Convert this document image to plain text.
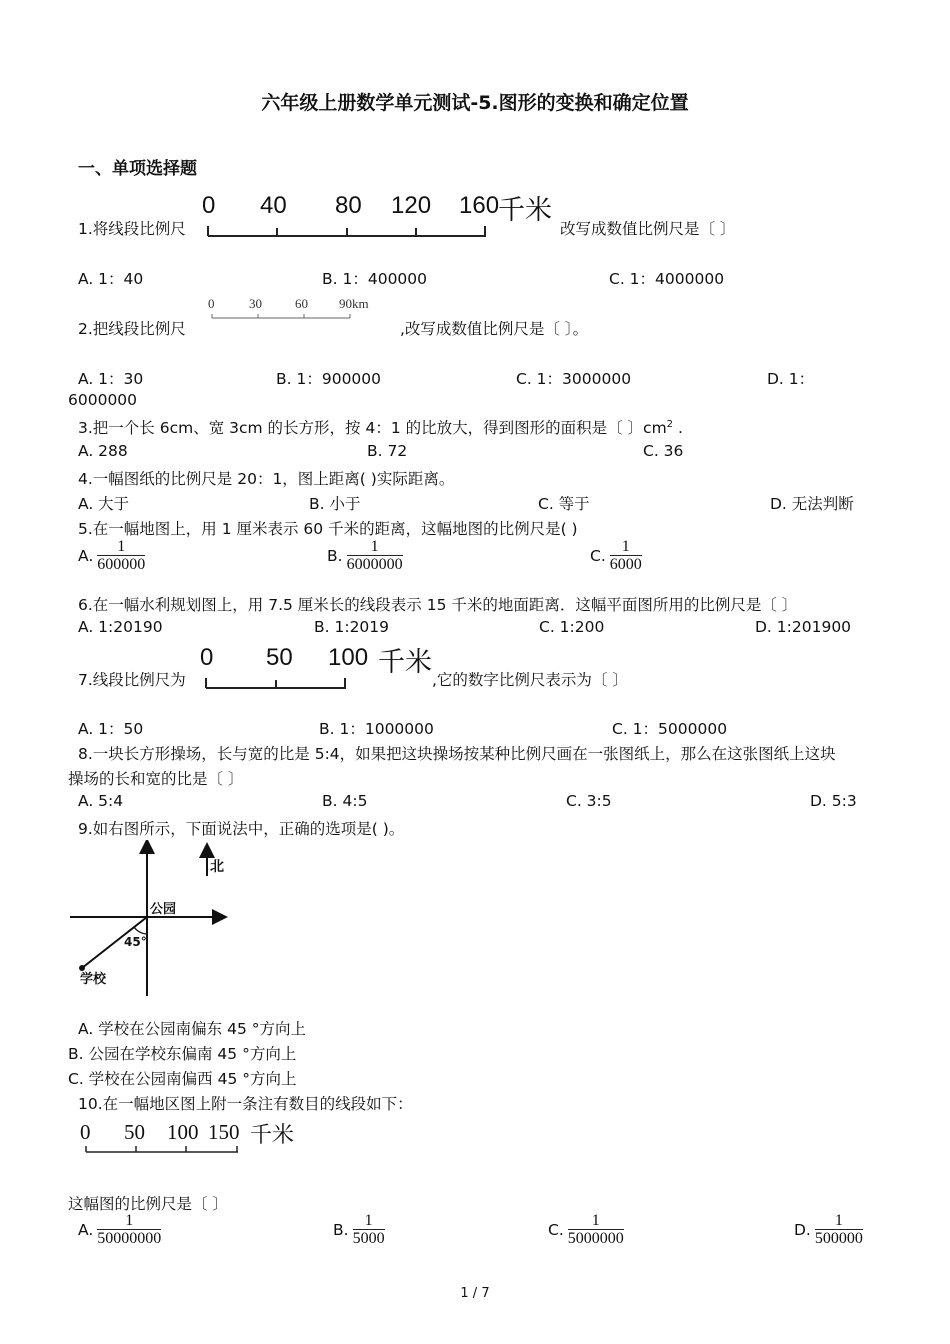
六年级上册数学单元测试-5.图形的变换和确定位置
一、单项选择题
1.将线段比例尺
0 40 80 120 160
千米
改写成数值比例尺是〔 〕
A. 1：40	B. 1：400000	C. 1：4000000
2.把线段比例尺
0	30	60 90km
,改写成数值比例尺是〔 〕。
A. 1：30	B. 1：900000	C. 1：3000000	D. 1：
6000000
3.把一个长 6cm、宽 3cm 的长方形，按 4：1 的比放大，得到图形的面积是〔 〕$cm^2$ .
A. 288	B. 72	C. 36
4.一幅图纸的比例尺是 20：1，图上距离( )实际距离。
A. 大于	B. 小于	C. 等于	D. 无法判断
5.在一幅地图上，用 1 厘米表示 60 千米的距离，这幅地图的比例尺是( )
A. 1
600000	B. 1
6000000	C. 1
6000
6.在一幅水利规划图上，用 7.5 厘米长的线段表示 15 千米的地面距离．这幅平面图所用的比例尺是〔 〕
A. 1:20190	B. 1:2019	C. 1:200	D. 1:201900
7.线段比例尺为
0 50 100 千米
,它的数字比例尺表示为〔 〕
A. 1：50	B. 1：1000000	C. 1：5000000
8.一块长方形操场，长与宽的比是 5:4，如果把这块操场按某种比例尺画在一张图纸上，那么在这张图纸上这块
操场的长和宽的比是〔 〕
A. 5:4	B. 4:5	C. 3:5	D. 5:3
9.如右图所示，下面说法中，正确的选项是( )。
北
公园
45°
学校
A. 学校在公园南偏东 45 °方向上
B. 公园在学校东偏南 45 °方向上
C. 学校在公园南偏西 45 °方向上
10.在一幅地区图上附一条注有数目的线段如下：
0 50 100 150 千米
这幅图的比例尺是〔 〕
A. 1
50000000	B. 1
5000	C. 1
5000000	D. 1
500000
1 / 7
